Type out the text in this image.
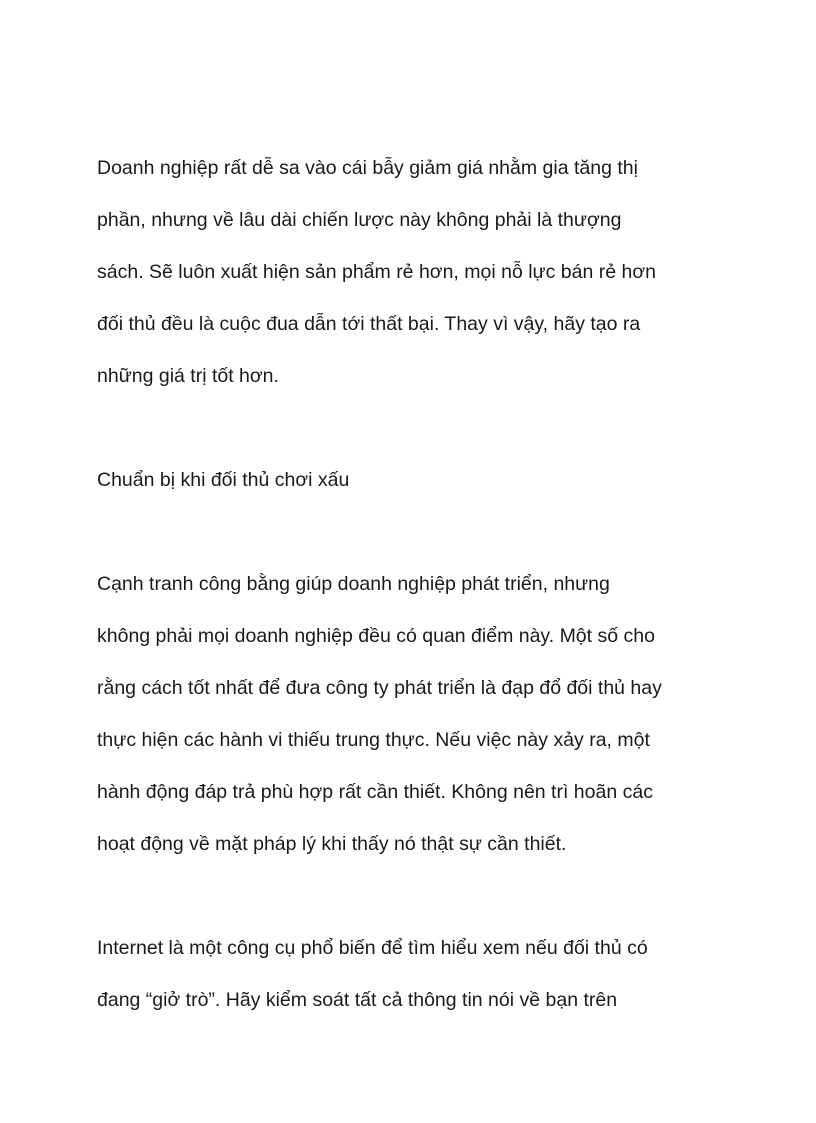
Doanh nghiệp rất dễ sa vào cái bẫy giảm giá nhằm gia tăng thị

phần, nhưng về lâu dài chiến lược này không phải là thượng

sách. Sẽ luôn xuất hiện sản phẩm rẻ hơn, mọi nỗ lực bán rẻ hơn

đối thủ đều là cuộc đua dẫn tới thất bại. Thay vì vậy, hãy tạo ra

những giá trị tốt hơn.

Chuẩn bị khi đối thủ chơi xấu

Cạnh tranh công bằng giúp doanh nghiệp phát triển, nhưng

không phải mọi doanh nghiệp đều có quan điểm này. Một số cho

rằng cách tốt nhất để đưa công ty phát triển là đạp đổ đối thủ hay

thực hiện các hành vi thiếu trung thực. Nếu việc này xảy ra, một

hành động đáp trả phù hợp rất cần thiết. Không nên trì hoãn các

hoạt động về mặt pháp lý khi thấy nó thật sự cần thiết.

Internet là một công cụ phổ biến để tìm hiểu xem nếu đối thủ có

đang “giở trò”. Hãy kiểm soát tất cả thông tin nói về bạn trên
